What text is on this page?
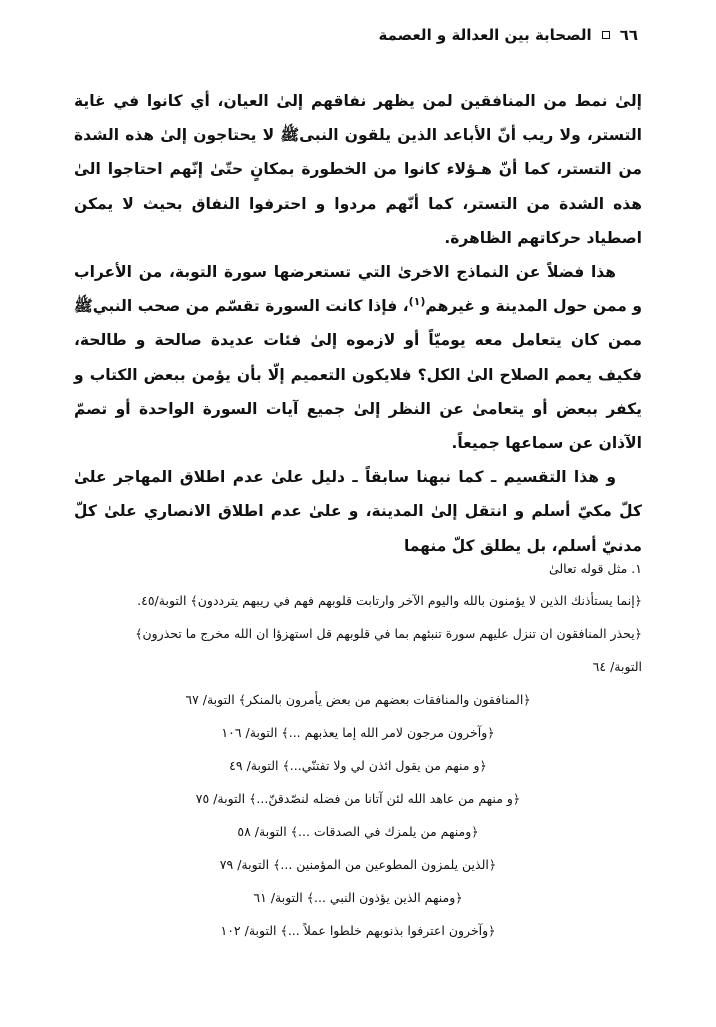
٦٦
الصحابة بين العدالة و العصمة

إلیٰ نمط من المنافقین لمن یظهر نفاقهم إلیٰ العیان، أي کانوا في غایة التستر، ولا ریب أنّ الأباعد الذین یلقون النبیﷺ لا یحتاجون إلیٰ هذه الشدة من التستر، کما أنّ هـؤلاء کانوا من الخطورة بمکانٍ حتّیٰ إنّهم احتاجوا الیٰ هذه الشدة من التستر، کما أنّهم مردوا و احترفوا النفاق بحیث لا یمکن اصطیاد حرکاتهم الظاهرة.

هذا فضلاً عن النماذج الاخریٰ التي تستعرضها سورة التوبة، من الأعراب و ممن حول المدینة و غیرهم$^{(١)}$، فإذا کانت السورة تقسّم من صحب النبيﷺ ممن کان یتعامل معه یومیّاً أو لازموه إلیٰ فئات عدیدة صالحة و طالحة، فکیف یعمم الصلاح الیٰ الکل؟ فلایکون التعمیم إلّا بأن یؤمن ببعض الکتاب و یکفر ببعض أو یتعامیٰ عن النظر إلیٰ جمیع آیات السورة الواحدة أو تصمّ الآذان عن سماعها جمیعاً.

و هذا التقسیم ـ کما نبهنا سابقاً ـ دلیل علیٰ عدم اطلاق المهاجر علیٰ کلّ مکيّ أسلم و انتقل إلیٰ المدینة، و علیٰ عدم اطلاق الانصاري علیٰ کلّ مدنيّ أسلم، بل یطلق کلّ منهما

١. مثل قوله تعالیٰ
﴿إنما یستأذنك الذین لا یؤمنون بالله والیوم الآخر وارتابت قلوبهم فهم في ریبهم یترددون﴾ التوبة/٤٥.
﴿یحذر المنافقون ان تنزل علیهم سورة تنبئهم بما في قلوبهم قل استهزؤا ان الله مخرج ما تحذرون﴾
التوبة/ ٦٤
﴿المنافقون والمنافقات بعضهم من بعض یأمرون بالمنکر﴾ التوبة/ ٦٧
﴿وآخرون مرجون لامر الله إما یعذبهم ...﴾ التوبة/ ١٠٦
﴿و منهم من یقول ائذن لي ولا تفتنّي...﴾ التوبة/ ٤٩
﴿و منهم من عاهد الله لئن آتانا من فضله لنصّدقنّ...﴾ التوبة/ ٧٥
﴿ومنهم من یلمزك في الصدقات ...﴾ التوبة/ ٥٨
﴿الذین یلمزون المطوعین من المؤمنین ...﴾ التوبة/ ٧٩
﴿ومنهم الذین یؤذون النبي ...﴾ التوبة/ ٦١
﴿وآخرون اعترفوا بذنوبهم خلطوا عملاً ...﴾ التوبة/ ١٠٢
